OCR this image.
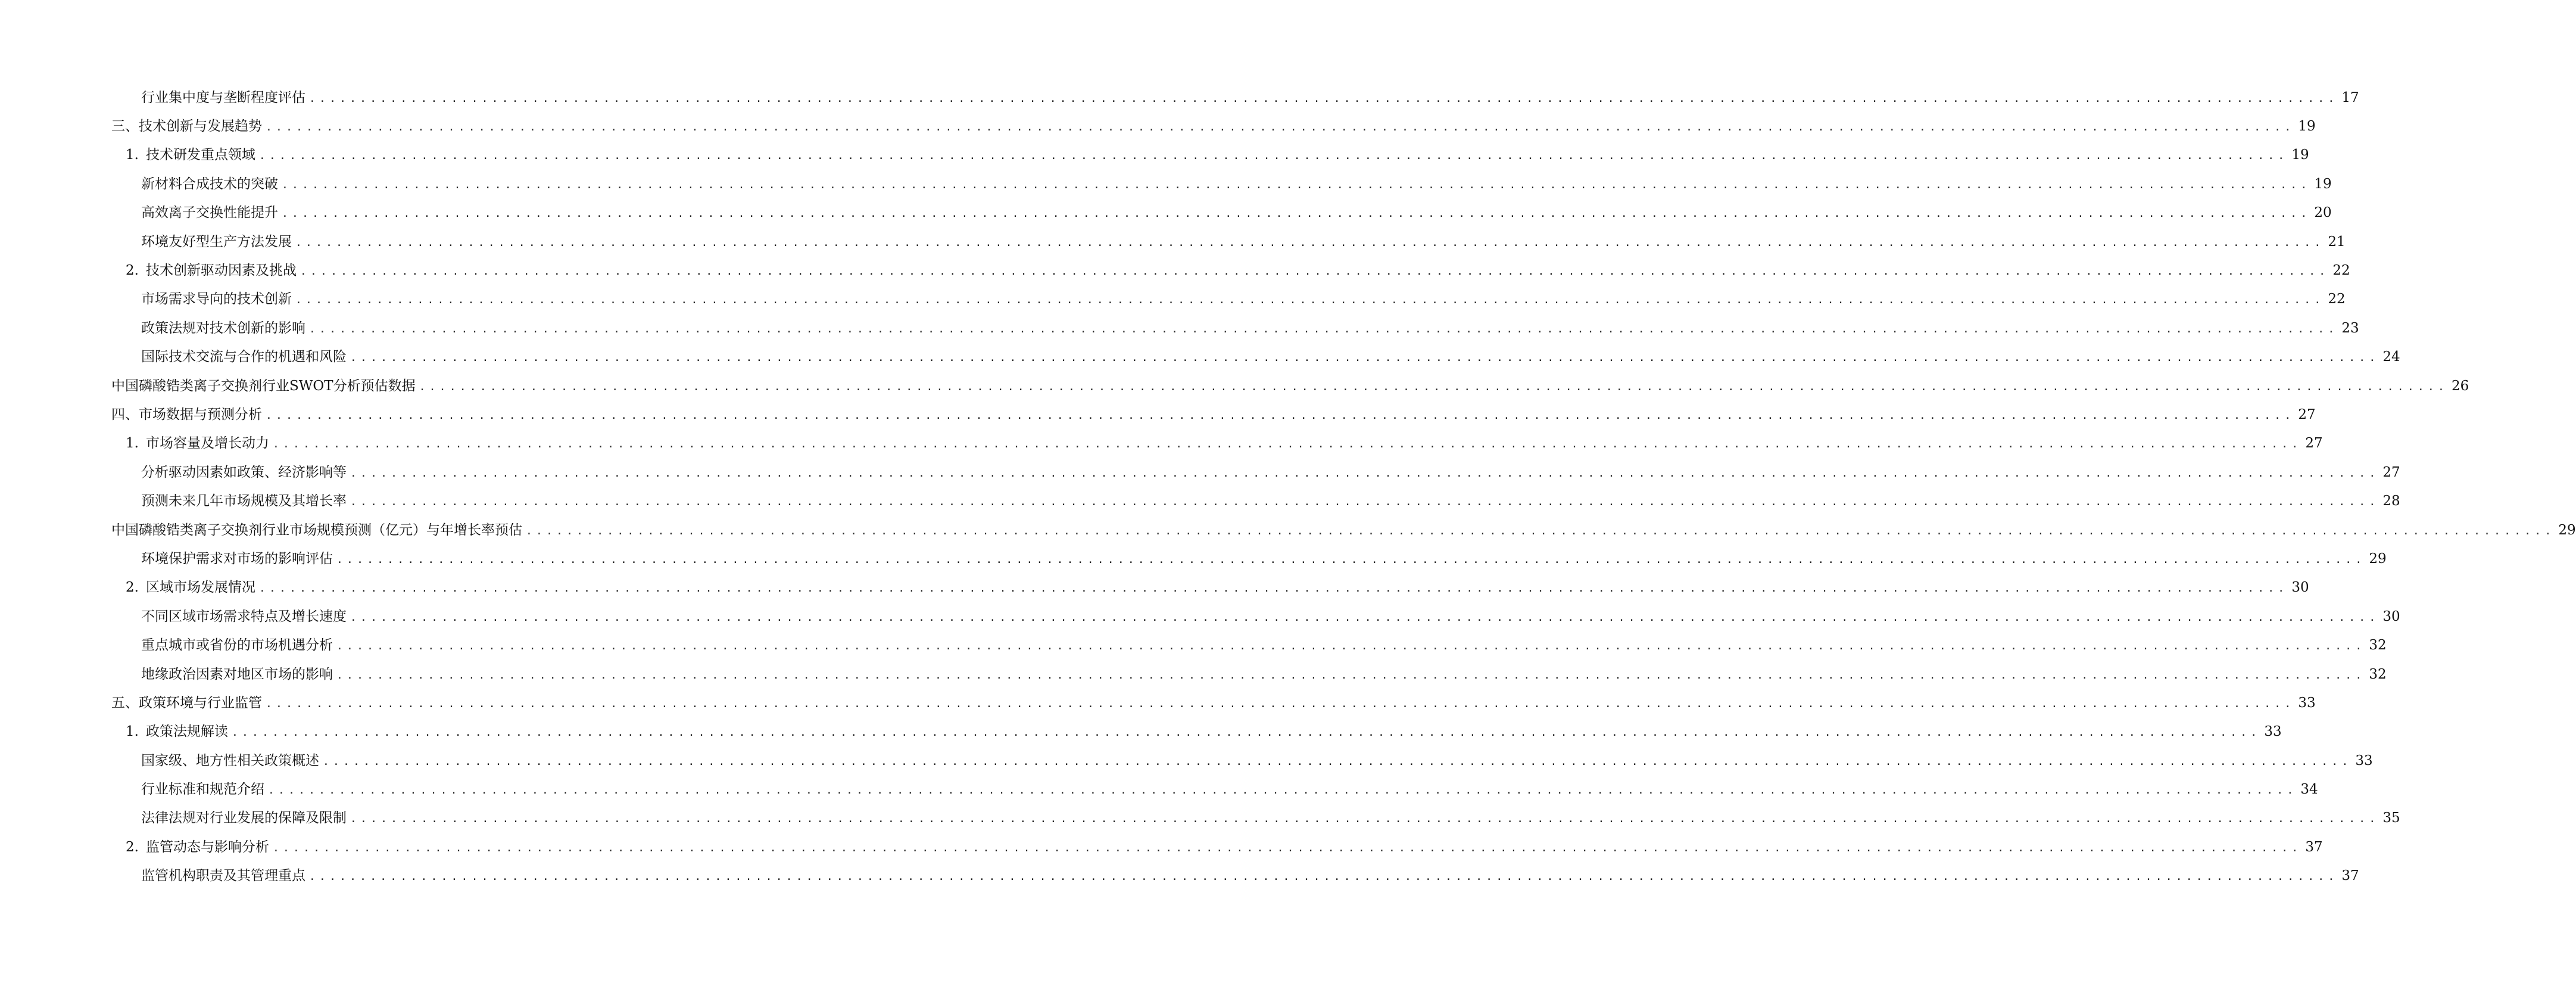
行业集中度与垄断程度评估 ........................................................................................................................................................................................................ 17
三、技术创新与发展趋势 ........................................................................................................................................................................................................ 19
1. 技术研发重点领域 ........................................................................................................................................................................................................ 19
新材料合成技术的突破 ........................................................................................................................................................................................................ 19
高效离子交换性能提升 ........................................................................................................................................................................................................ 20
环境友好型生产方法发展 ........................................................................................................................................................................................................ 21
2. 技术创新驱动因素及挑战 ........................................................................................................................................................................................................ 22
市场需求导向的技术创新 ........................................................................................................................................................................................................ 22
政策法规对技术创新的影响 ........................................................................................................................................................................................................ 23
国际技术交流与合作的机遇和风险 ........................................................................................................................................................................................................ 24
中国磷酸锆类离子交换剂行业SWOT分析预估数据 ........................................................................................................................................................................................................ 26
四、市场数据与预测分析 ........................................................................................................................................................................................................ 27
1. 市场容量及增长动力 ........................................................................................................................................................................................................ 27
分析驱动因素如政策、经济影响等 ........................................................................................................................................................................................................ 27
预测未来几年市场规模及其增长率 ........................................................................................................................................................................................................ 28
中国磷酸锆类离子交换剂行业市场规模预测（亿元）与年增长率预估 ........................................................................................................................................................................................................ 29
环境保护需求对市场的影响评估 ........................................................................................................................................................................................................ 29
2. 区域市场发展情况 ........................................................................................................................................................................................................ 30
不同区域市场需求特点及增长速度 ........................................................................................................................................................................................................ 30
重点城市或省份的市场机遇分析 ........................................................................................................................................................................................................ 32
地缘政治因素对地区市场的影响 ........................................................................................................................................................................................................ 32
五、政策环境与行业监管 ........................................................................................................................................................................................................ 33
1. 政策法规解读 ........................................................................................................................................................................................................ 33
国家级、地方性相关政策概述 ........................................................................................................................................................................................................ 33
行业标准和规范介绍 ........................................................................................................................................................................................................ 34
法律法规对行业发展的保障及限制 ........................................................................................................................................................................................................ 35
2. 监管动态与影响分析 ........................................................................................................................................................................................................ 37
监管机构职责及其管理重点 ........................................................................................................................................................................................................ 37
